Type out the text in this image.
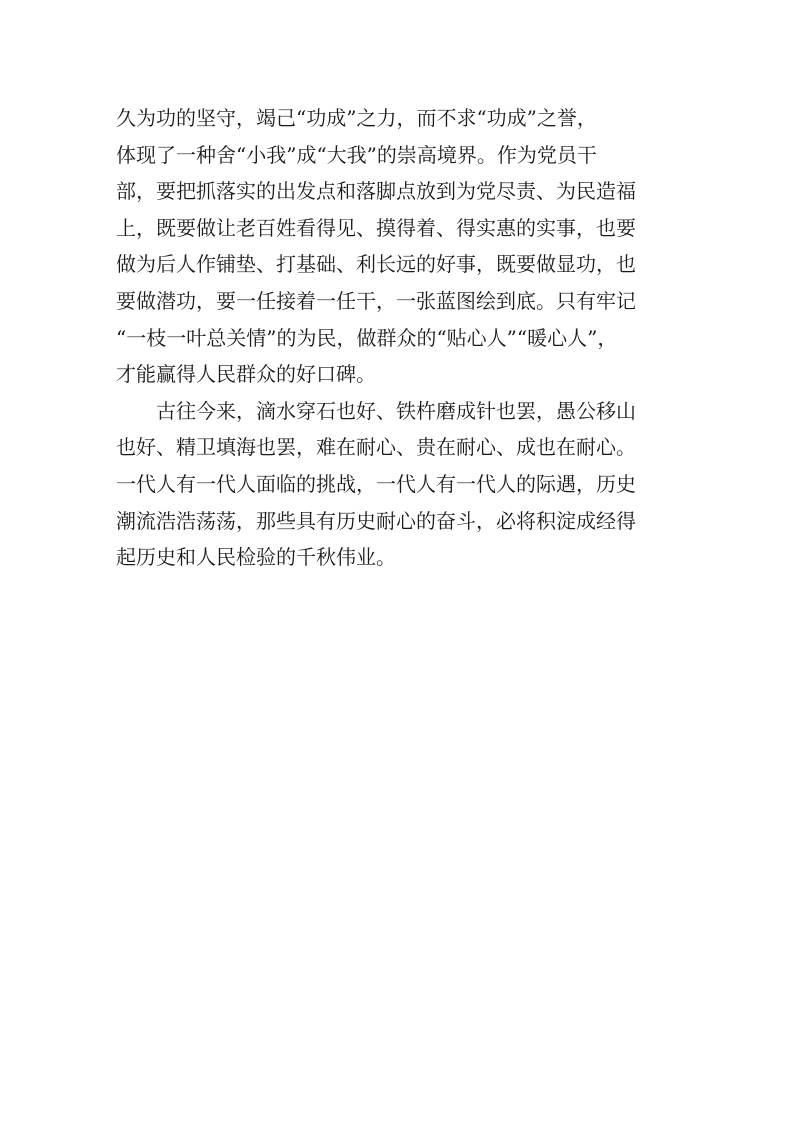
久为功的坚守，竭己“功成”之力，而不求“功成”之誉，
体现了一种舍“小我”成“大我”的崇高境界。作为党员干
部，要把抓落实的出发点和落脚点放到为党尽责、为民造福
上，既要做让老百姓看得见、摸得着、得实惠的实事，也要
做为后人作铺垫、打基础、利长远的好事，既要做显功，也
要做潜功，要一任接着一任干，一张蓝图绘到底。只有牢记
“一枝一叶总关情”的为民，做群众的“贴心人”“暖心人”，
才能赢得人民群众的好口碑。
古往今来，滴水穿石也好、铁杵磨成针也罢，愚公移山
也好、精卫填海也罢，难在耐心、贵在耐心、成也在耐心。
一代人有一代人面临的挑战，一代人有一代人的际遇，历史
潮流浩浩荡荡，那些具有历史耐心的奋斗，必将积淀成经得
起历史和人民检验的千秋伟业。
